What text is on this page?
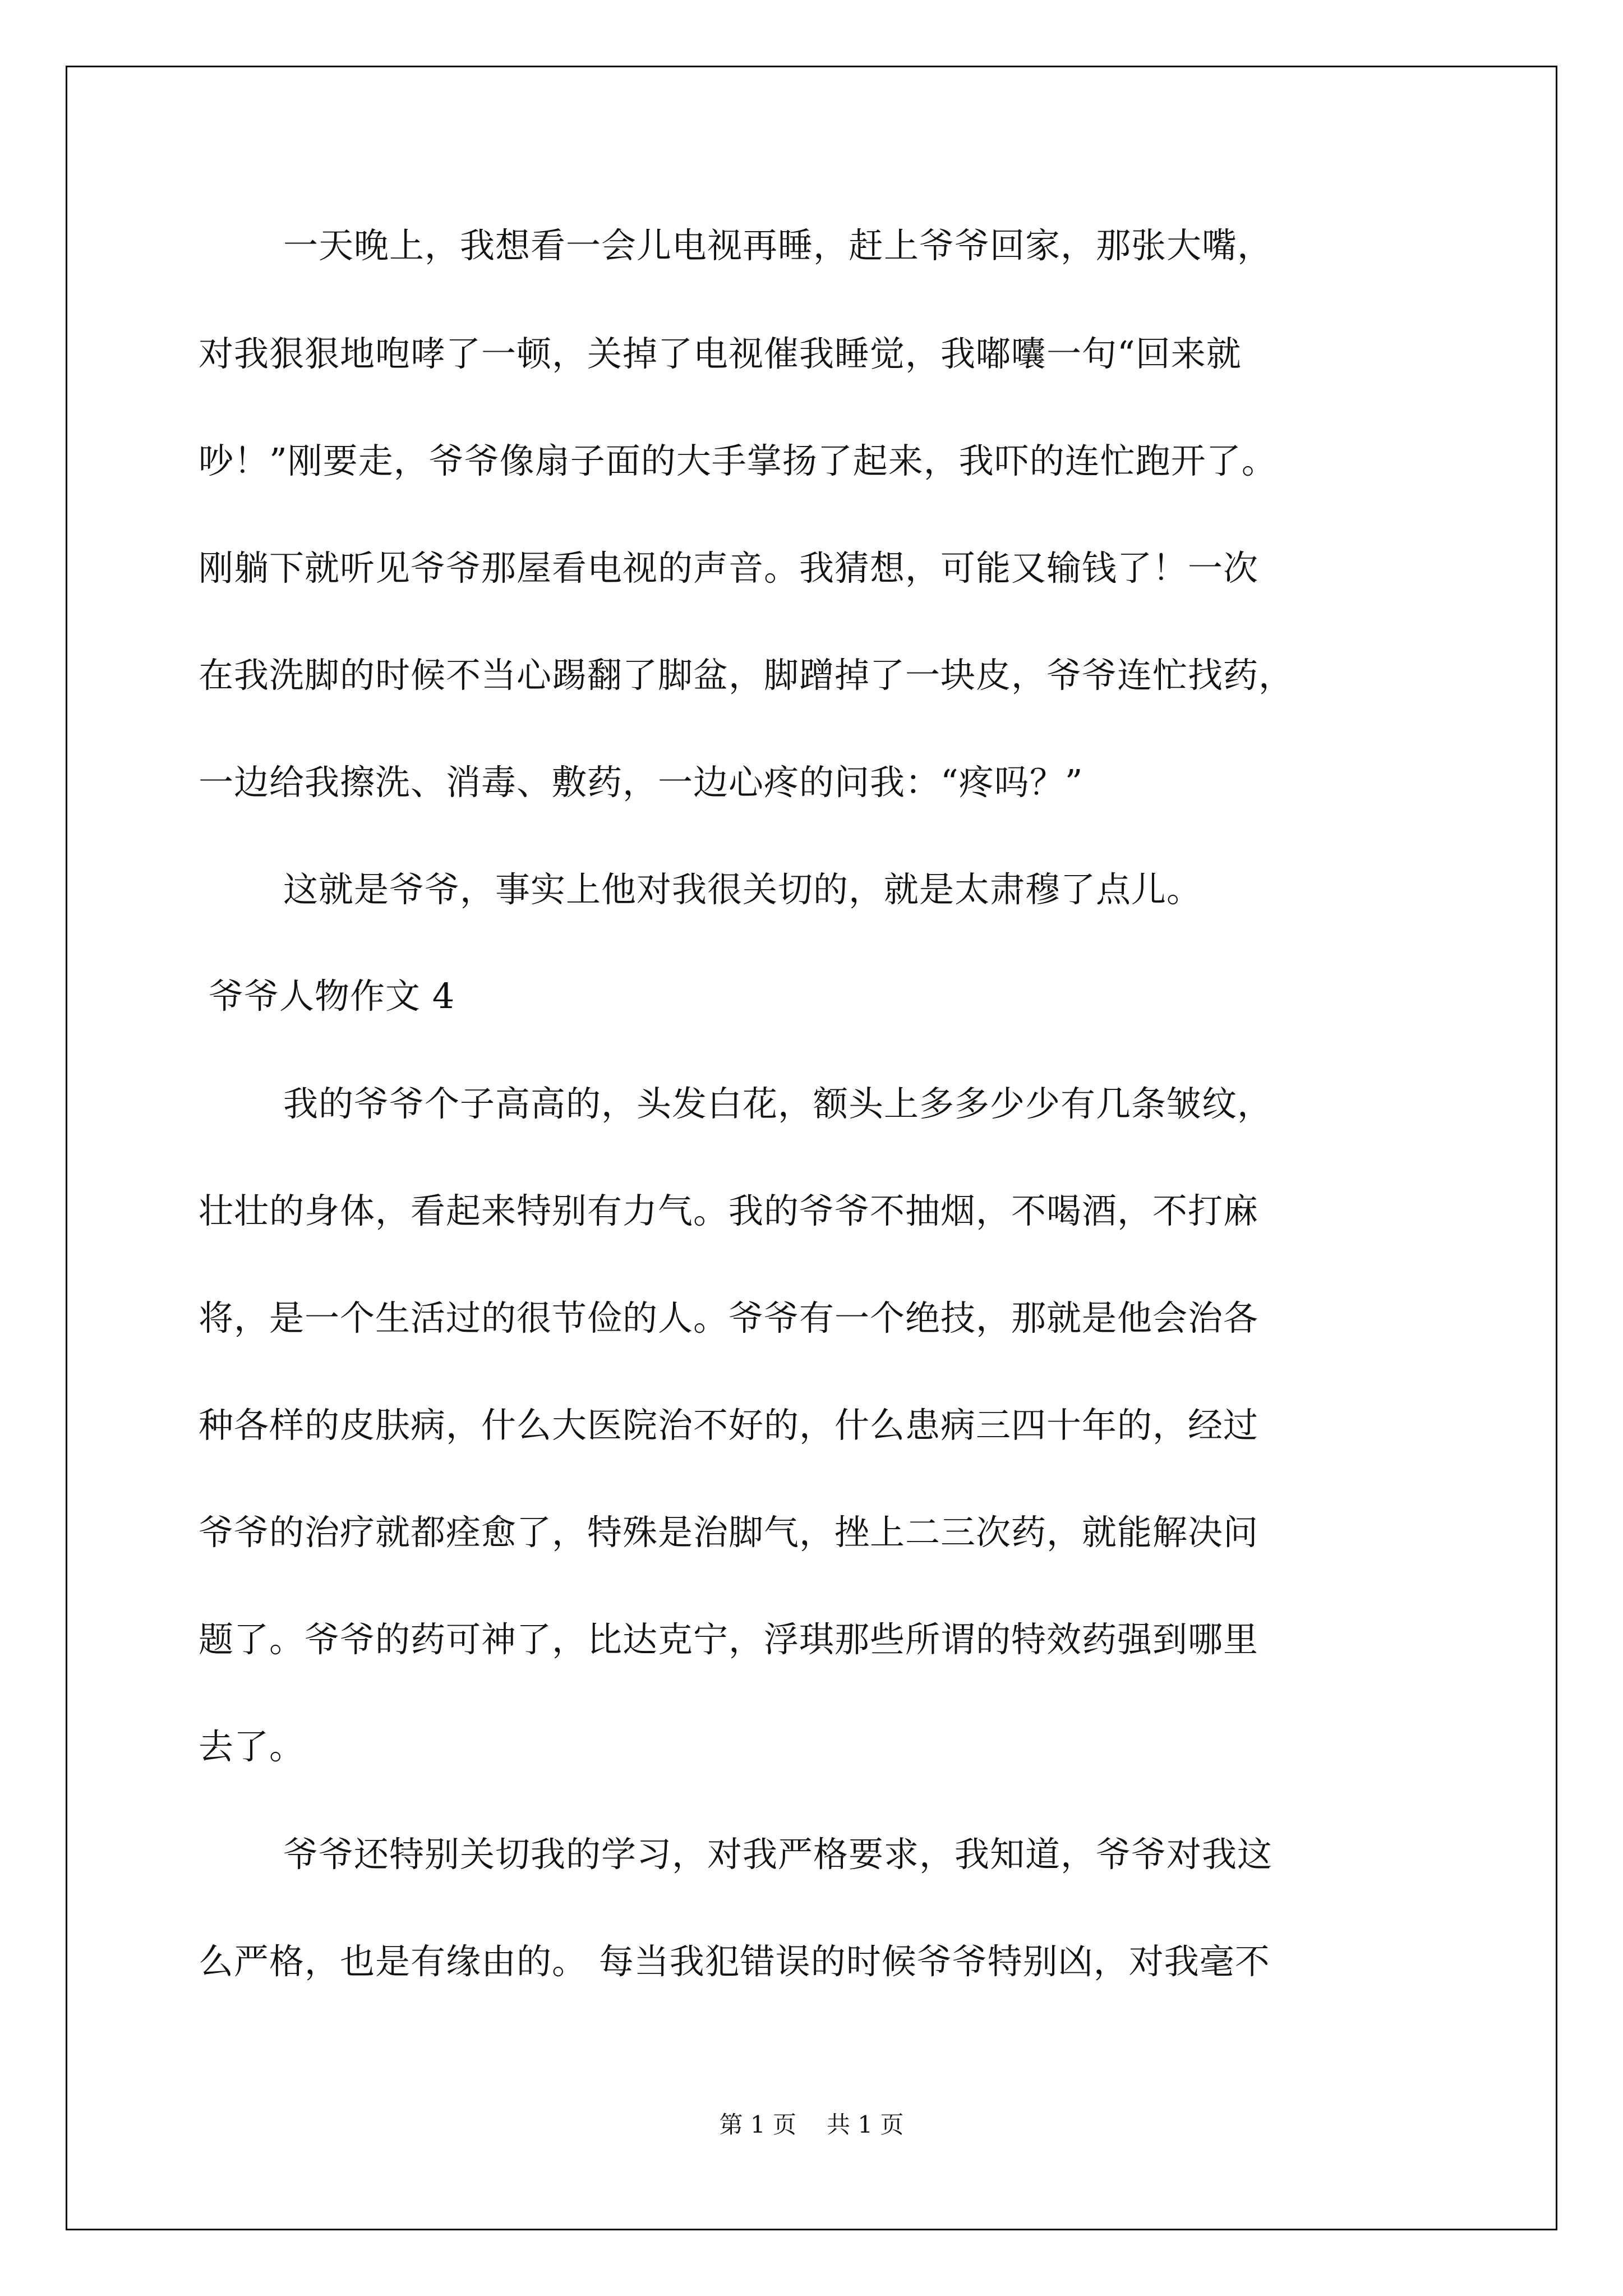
一天晚上，我想看一会儿电视再睡，赶上爷爷回家，那张大嘴，
对我狠狠地咆哮了一顿，关掉了电视催我睡觉，我嘟囔一句“回来就
吵！”刚要走，爷爷像扇子面的大手掌扬了起来，我吓的连忙跑开了。
刚躺下就听见爷爷那屋看电视的声音。我猜想，可能又输钱了！一次
在我洗脚的时候不当心踢翻了脚盆，脚蹭掉了一块皮，爷爷连忙找药，
一边给我擦洗、消毒、敷药，一边心疼的问我：“疼吗？”
这就是爷爷，事实上他对我很关切的，就是太肃穆了点儿。
爷爷人物作文 4
我的爷爷个子高高的，头发白花，额头上多多少少有几条皱纹，
壮壮的身体，看起来特别有力气。我的爷爷不抽烟，不喝酒，不打麻
将，是一个生活过的很节俭的人。爷爷有一个绝技，那就是他会治各
种各样的皮肤病，什么大医院治不好的，什么患病三四十年的，经过
爷爷的治疗就都痊愈了，特殊是治脚气，挫上二三次药，就能解决问
题了。爷爷的药可神了，比达克宁，浮琪那些所谓的特效药强到哪里
去了。
爷爷还特别关切我的学习，对我严格要求，我知道，爷爷对我这
么严格，也是有缘由的。 每当我犯错误的时候爷爷特别凶，对我毫不
第 1 页 共 1 页
